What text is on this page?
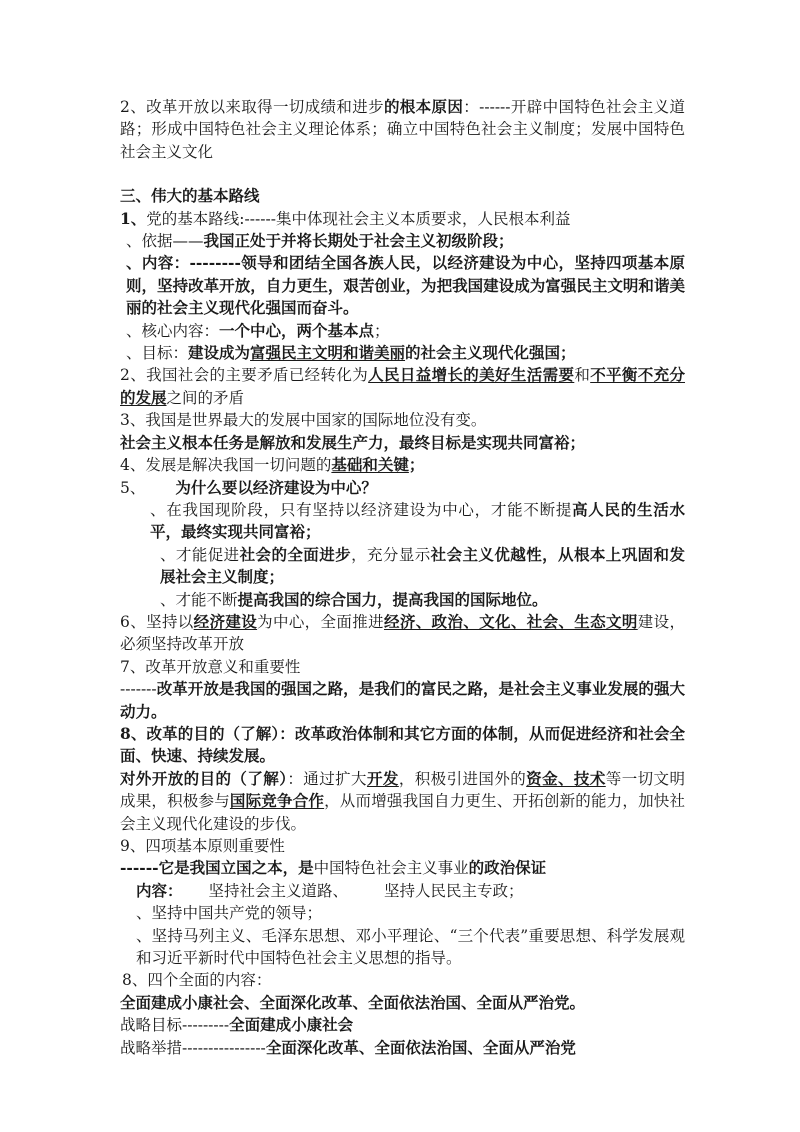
2、改革开放以来取得一切成绩和进步的根本原因：------开辟中国特色社会主义道路；形成中国特色社会主义理论体系；确立中国特色社会主义制度；发展中国特色社会主义文化

三、伟大的基本路线

1、党的基本路线:------集中体现社会主义本质要求，人民根本利益

、依据——我国正处于并将长期处于社会主义初级阶段；

、内容：--------领导和团结全国各族人民，以经济建设为中心，坚持四项基本原则，坚持改革开放，自力更生，艰苦创业，为把我国建设成为富强民主文明和谐美丽的社会主义现代化强国而奋斗。

、核心内容：一个中心，两个基本点；

、目标：建设成为富强民主文明和谐美丽的社会主义现代化强国；

2、我国社会的主要矛盾已经转化为人民日益增长的美好生活需要和不平衡不充分的发展之间的矛盾

3、我国是世界最大的发展中国家的国际地位没有变。

社会主义根本任务是解放和发展生产力，最终目标是实现共同富裕；

4、发展是解决我国一切问题的基础和关键；

5、 为什么要以经济建设为中心？

、在我国现阶段，只有坚持以经济建设为中心，才能不断提高人民的生活水平，最终实现共同富裕；

、才能促进社会的全面进步，充分显示社会主义优越性，从根本上巩固和发展社会主义制度；

、才能不断提高我国的综合国力，提高我国的国际地位。

6、坚持以经济建设为中心，全面推进经济、政治、文化、社会、生态文明建设，必须坚持改革开放

7、改革开放意义和重要性

-------改革开放是我国的强国之路，是我们的富民之路，是社会主义事业发展的强大动力。

8、改革的目的（了解）：改革政治体制和其它方面的体制，从而促进经济和社会全面、快速、持续发展。

对外开放的目的（了解）：通过扩大开发，积极引进国外的资金、技术等一切文明成果，积极参与国际竞争合作，从而增强我国自力更生、开拓创新的能力，加快社会主义现代化建设的步伐。

9、四项基本原则重要性

------它是我国立国之本，是中国特色社会主义事业的政治保证

内容： 坚持社会主义道路、 坚持人民民主专政；

、坚持中国共产党的领导；

、坚持马列主义、毛泽东思想、邓小平理论、“三个代表”重要思想、科学发展观和习近平新时代中国特色社会主义思想的指导。

8、四个全面的内容：

全面建成小康社会、全面深化改革、全面依法治国、全面从严治党。

战略目标---------全面建成小康社会

战略举措----------------全面深化改革、全面依法治国、全面从严治党
